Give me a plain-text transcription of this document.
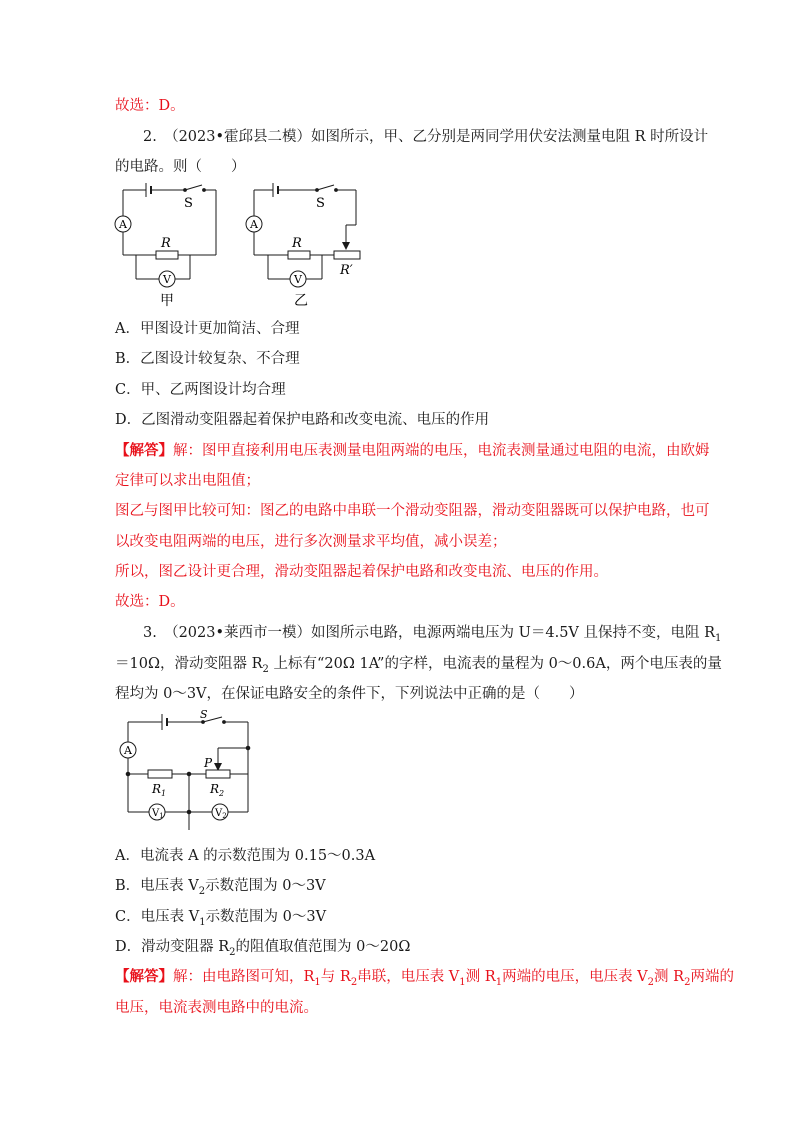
故选：D。
2.　（2023•霍邱县二模）如图所示，甲、乙分别是两同学用伏安法测量电阻 R 时所设计
的电路。则（　　）
S
A
R
V
甲
S
A
R
R′
V
乙
A．甲图设计更加简洁、合理
B．乙图设计较复杂、不合理
C．甲、乙两图设计均合理
D．乙图滑动变阻器起着保护电路和改变电流、电压的作用
【解答】解：图甲直接利用电压表测量电阻两端的电压，电流表测量通过电阻的电流，由欧姆
定律可以求出电阻值；
图乙与图甲比较可知：图乙的电路中串联一个滑动变阻器，滑动变阻器既可以保护电路，也可
以改变电阻两端的电压，进行多次测量求平均值，减小误差；
所以，图乙设计更合理，滑动变阻器起着保护电路和改变电流、电压的作用。
故选：D。
3.　（2023•莱西市一模）如图所示电路，电源两端电压为 U＝4.5V 且保持不变，电阻 $R_1$
＝10Ω，滑动变阻器 $R_2$ 上标有“20Ω 1A”的字样，电流表的量程为 0～0.6A，两个电压表的量
程均为 0～3V，在保证电路安全的条件下，下列说法中正确的是（　　）
S
A
P
$R_1$	$R_2$
$V_1$	$V_2$
A．电流表 A 的示数范围为 0.15～0.3A
B．电压表 $V_2$示数范围为 0～3V
C．电压表 $V_1$示数范围为 0～3V
D．滑动变阻器 $R_2$的阻值取值范围为 0～20Ω
【解答】解：由电路图可知，$R_1$与 $R_2$串联，电压表 $V_1$测 $R_1$两端的电压，电压表 $V_2$测 $R_2$两端的
电压，电流表测电路中的电流。
